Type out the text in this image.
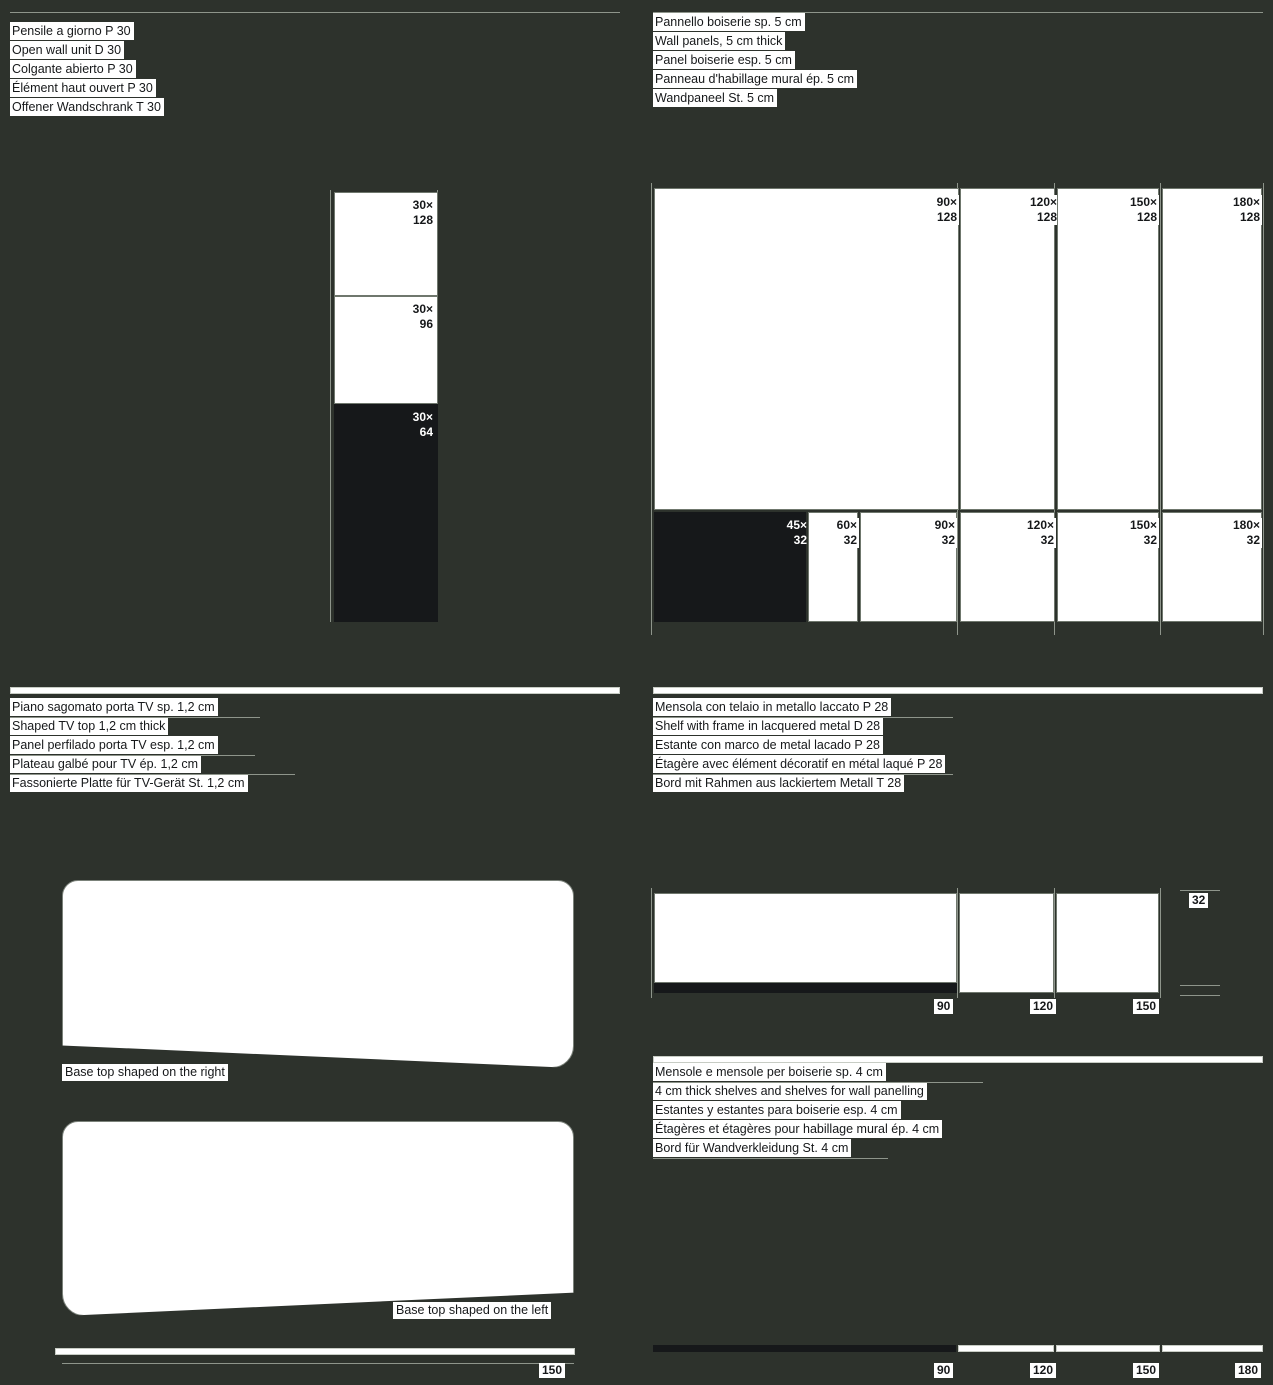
Pensile a giorno P 30
Open wall unit D 30
Colgante abierto P 30
Élément haut ouvert P 30
Offener Wandschrank T 30
Pannello boiserie sp. 5 cm
Wall panels, 5 cm thick
Panel boiserie esp. 5 cm
Panneau d'habillage mural ép. 5 cm
Wandpaneel St. 5 cm
30×
128
30×
96
30×
64
90×
128
120×
128
150×
128
180×
128
45×
32
60×
32
90×
32
120×
32
150×
32
180×
32
Piano sagomato porta TV sp. 1,2 cm
Shaped TV top 1,2 cm thick
Panel perfilado porta TV esp. 1,2 cm
Plateau galbé pour TV ép. 1,2 cm
Fassonierte Platte für TV-Gerät St. 1,2 cm
Mensola con telaio in metallo laccato P 28
Shelf with frame in lacquered metal D 28
Estante con marco de metal lacado P 28
Étagère avec élément décoratif en métal laqué P 28
Bord mit Rahmen aus lackiertem Metall T 28
Base top shaped on the right
Base top shaped on the left
150
32
90	120	150
Mensole e mensole per boiserie sp. 4 cm
4 cm thick shelves and shelves for wall panelling
Estantes y estantes para boiserie esp. 4 cm
Étagères et étagères pour habillage mural ép. 4 cm
Bord für Wandverkleidung St. 4 cm
90	120	150	180
